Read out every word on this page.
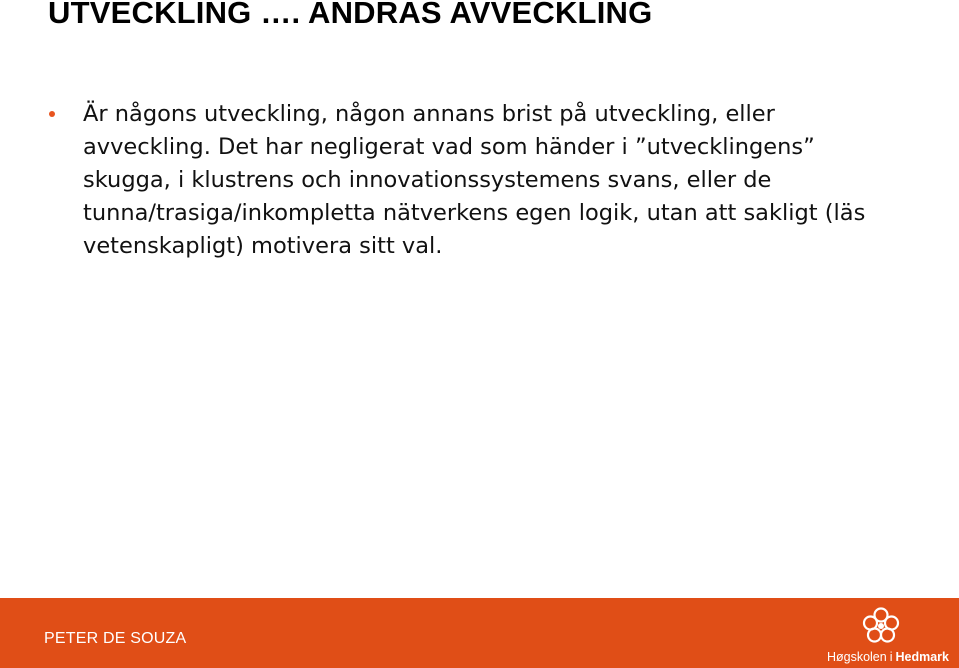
UTVECKLING …. ANDRAS AVVECKLING
Är någons utveckling, någon annans brist på utveckling, eller avveckling. Det har negligerat vad som händer i ”utvecklingens” skugga, i klustrens och innovationssystemens svans, eller de tunna/trasiga/inkompletta nätverkens egen logik, utan att sakligt (läs vetenskapligt) motivera sitt val.
PETER DE SOUZA
Høgskolen i Hedmark
